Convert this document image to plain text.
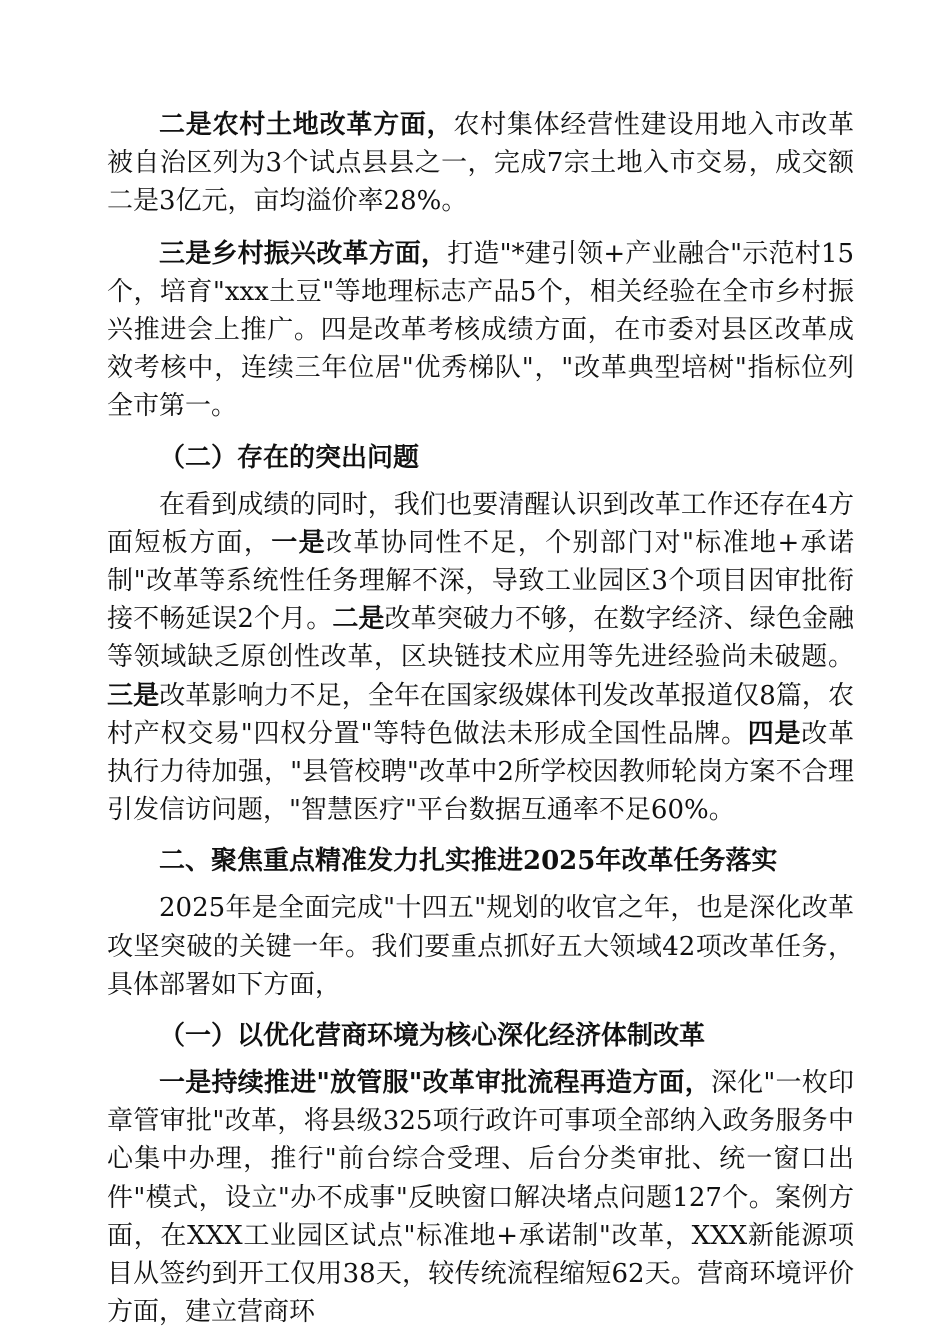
二是农村土地改革方面，农村集体经营性建设用地入市改革被自治区列为3个试点县县之一，完成7宗土地入市交易，成交额二是3亿元，亩均溢价率28%。

三是乡村振兴改革方面，打造"*建引领+产业融合"示范村15个，培育"xxx土豆"等地理标志产品5个，相关经验在全市乡村振兴推进会上推广。四是改革考核成绩方面，在市委对县区改革成效考核中，连续三年位居"优秀梯队"，"改革典型培树"指标位列全市第一。

（二）存在的突出问题

在看到成绩的同时，我们也要清醒认识到改革工作还存在4方面短板方面，一是改革协同性不足，个别部门对"标准地+承诺制"改革等系统性任务理解不深，导致工业园区3个项目因审批衔接不畅延误2个月。二是改革突破力不够，在数字经济、绿色金融等领域缺乏原创性改革，区块链技术应用等先进经验尚未破题。三是改革影响力不足，全年在国家级媒体刊发改革报道仅8篇，农村产权交易"四权分置"等特色做法未形成全国性品牌。四是改革执行力待加强，"县管校聘"改革中2所学校因教师轮岗方案不合理引发信访问题，"智慧医疗"平台数据互通率不足60%。

二、聚焦重点精准发力扎实推进2025年改革任务落实

2025年是全面完成"十四五"规划的收官之年，也是深化改革攻坚突破的关键一年。我们要重点抓好五大领域42项改革任务，具体部署如下方面，

（一）以优化营商环境为核心深化经济体制改革

一是持续推进"放管服"改革审批流程再造方面，深化"一枚印章管审批"改革，将县级325项行政许可事项全部纳入政务服务中心集中办理，推行"前台综合受理、后台分类审批、统一窗口出件"模式，设立"办不成事"反映窗口解决堵点问题127个。案例方面，在XXX工业园区试点"标准地+承诺制"改革，XXX新能源项目从签约到开工仅用38天，较传统流程缩短62天。营商环境评价方面，建立营商环
